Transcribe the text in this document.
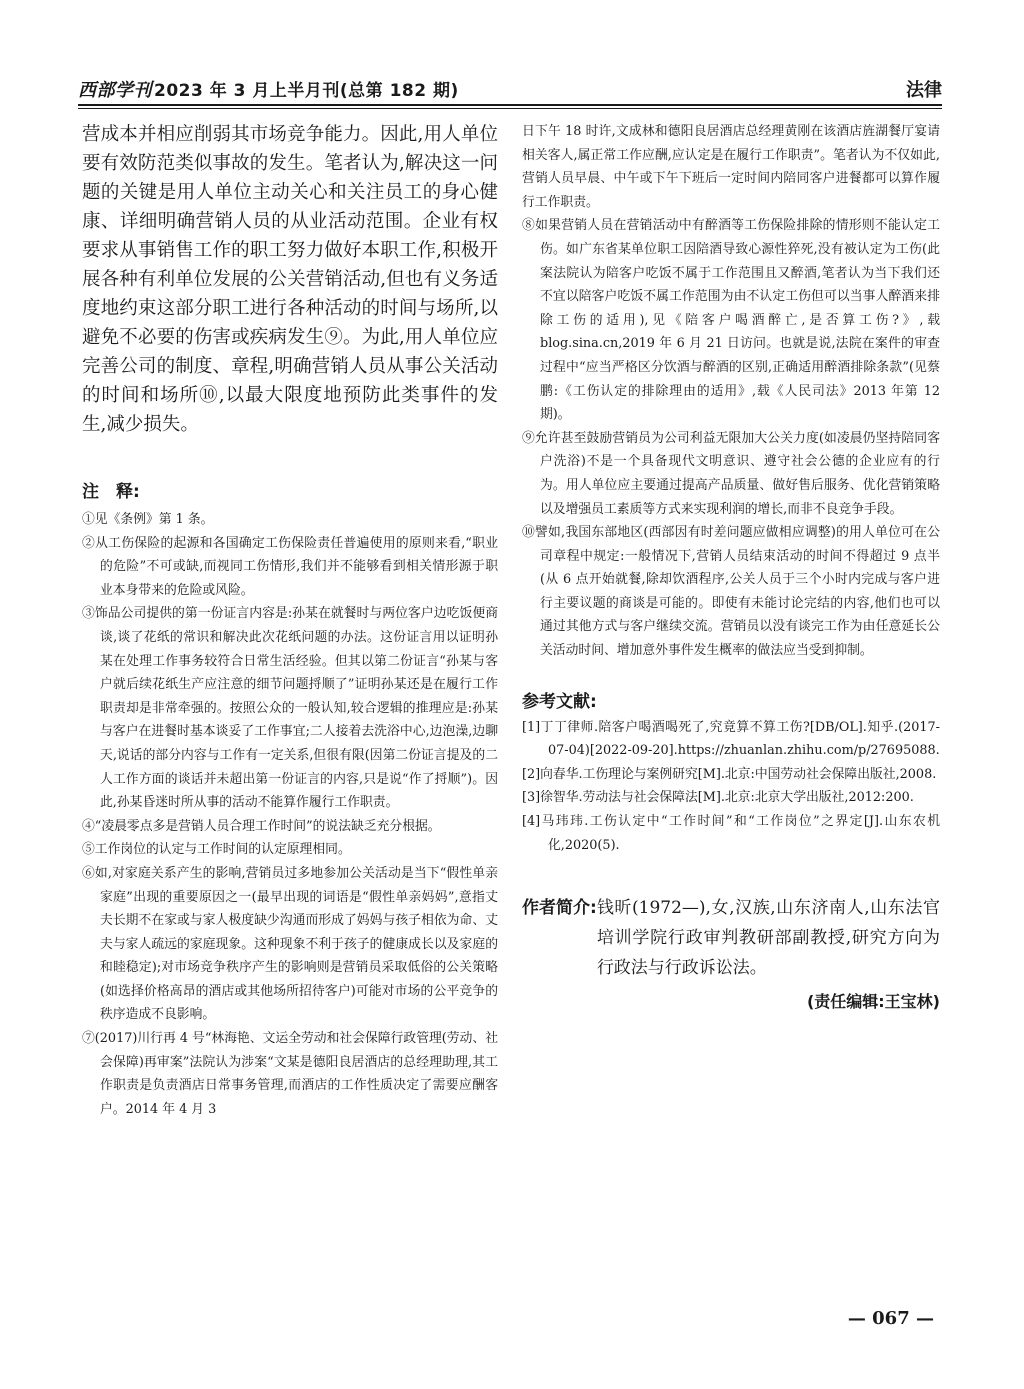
西部学刊 2023 年 3 月上半月刊(总第 182 期)	法律

营成本并相应削弱其市场竞争能力。因此,用人单位要有效防范类似事故的发生。笔者认为,解决这一问题的关键是用人单位主动关心和关注员工的身心健康、详细明确营销人员的从业活动范围。企业有权要求从事销售工作的职工努力做好本职工作,积极开展各种有利单位发展的公关营销活动,但也有义务适度地约束这部分职工进行各种活动的时间与场所,以避免不必要的伤害或疾病发生⑨。为此,用人单位应完善公司的制度、章程,明确营销人员从事公关活动的时间和场所⑩,以最大限度地预防此类事件的发生,减少损失。

注　释:

①见《条例》第 1 条。

②从工伤保险的起源和各国确定工伤保险责任普遍使用的原则来看,“职业的危险”不可或缺,而视同工伤情形,我们并不能够看到相关情形源于职业本身带来的危险或风险。

③饰品公司提供的第一份证言内容是:孙某在就餐时与两位客户边吃饭便商谈,谈了花纸的常识和解决此次花纸问题的办法。这份证言用以证明孙某在处理工作事务较符合日常生活经验。但其以第二份证言“孙某与客户就后续花纸生产应注意的细节问题捋顺了”证明孙某还是在履行工作职责却是非常牵强的。按照公众的一般认知,较合逻辑的推理应是:孙某与客户在进餐时基本谈妥了工作事宜;二人接着去洗浴中心,边泡澡,边聊天,说话的部分内容与工作有一定关系,但很有限(因第二份证言提及的二人工作方面的谈话并未超出第一份证言的内容,只是说“作了捋顺”)。因此,孙某昏迷时所从事的活动不能算作履行工作职责。

④“凌晨零点多是营销人员合理工作时间”的说法缺乏充分根据。

⑤工作岗位的认定与工作时间的认定原理相同。

⑥如,对家庭关系产生的影响,营销员过多地参加公关活动是当下“假性单亲家庭”出现的重要原因之一(最早出现的词语是“假性单亲妈妈”,意指丈夫长期不在家或与家人极度缺少沟通而形成了妈妈与孩子相依为命、丈夫与家人疏远的家庭现象。这种现象不利于孩子的健康成长以及家庭的和睦稳定);对市场竞争秩序产生的影响则是营销员采取低俗的公关策略(如选择价格高昂的酒店或其他场所招待客户)可能对市场的公平竞争的秩序造成不良影响。

⑦(2017)川行再 4 号“林海艳、文运全劳动和社会保障行政管理(劳动、社会保障)再审案”法院认为涉案“文某是德阳良居酒店的总经理助理,其工作职责是负责酒店日常事务管理,而酒店的工作性质决定了需要应酬客户。2014 年 4 月 3

日下午 18 时许,文成林和德阳良居酒店总经理黄刚在该酒店旌湖餐厅宴请相关客人,属正常工作应酬,应认定是在履行工作职责”。笔者认为不仅如此,营销人员早晨、中午或下午下班后一定时间内陪同客户进餐都可以算作履行工作职责。

⑧如果营销人员在营销活动中有醉酒等工伤保险排除的情形则不能认定工伤。如广东省某单位职工因陪酒导致心源性猝死,没有被认定为工伤(此案法院认为陪客户吃饭不属于工作范围且又醉酒,笔者认为当下我们还不宜以陪客户吃饭不属工作范围为由不认定工伤但可以当事人醉酒来排除工伤的适用),见《陪客户喝酒醉亡,是否算工伤?》,载 blog.sina.cn,2019 年 6 月 21 日访问。也就是说,法院在案件的审查过程中“应当严格区分饮酒与醉酒的区别,正确适用醉酒排除条款”(见蔡鹏:《工伤认定的排除理由的适用》,载《人民司法》2013 年第 12 期)。

⑨允许甚至鼓励营销员为公司利益无限加大公关力度(如凌晨仍坚持陪同客户洗浴)不是一个具备现代文明意识、遵守社会公德的企业应有的行为。用人单位应主要通过提高产品质量、做好售后服务、优化营销策略以及增强员工素质等方式来实现利润的增长,而非不良竞争手段。

⑩譬如,我国东部地区(西部因有时差问题应做相应调整)的用人单位可在公司章程中规定:一般情况下,营销人员结束活动的时间不得超过 9 点半(从 6 点开始就餐,除却饮酒程序,公关人员于三个小时内完成与客户进行主要议题的商谈是可能的。即使有未能讨论完结的内容,他们也可以通过其他方式与客户继续交流。营销员以没有谈完工作为由任意延长公关活动时间、增加意外事件发生概率的做法应当受到抑制。

参考文献:

[1]丁丁律师.陪客户喝酒喝死了,究竟算不算工伤?[DB/OL].知乎.(2017-07-04)[2022-09-20].https://zhuanlan.zhihu.com/p/27695088.

[2]向春华.工伤理论与案例研究[M].北京:中国劳动社会保障出版社,2008.

[3]徐智华.劳动法与社会保障法[M].北京:北京大学出版社,2012:200.

[4]马玮玮.工伤认定中“工作时间”和“工作岗位”之界定[J].山东农机化,2020(5).

作者简介: 钱昕(1972—),女,汉族,山东济南人,山东法官培训学院行政审判教研部副教授,研究方向为行政法与行政诉讼法。
(责任编辑:王宝林)
— 067 —
